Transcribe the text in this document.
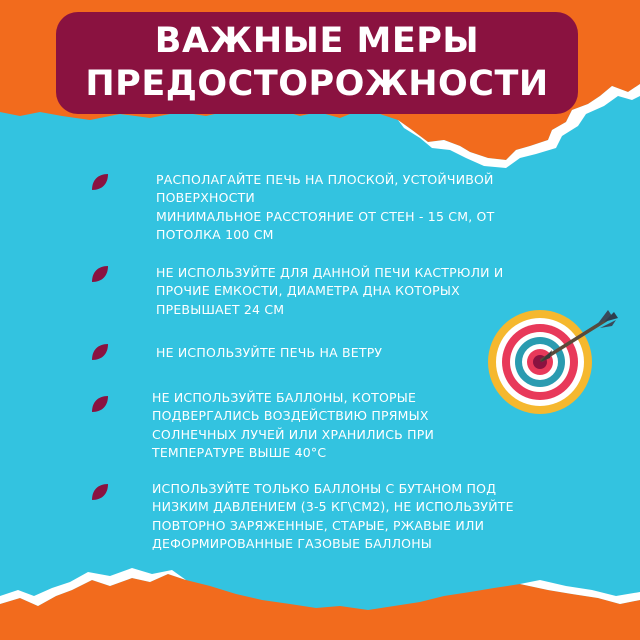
ВАЖНЫЕ МЕРЫ
ПРЕДОСТОРОЖНОСТИ
РАСПОЛАГАЙТЕ ПЕЧЬ НА ПЛОСКОЙ, УСТОЙЧИВОЙ
ПОВЕРХНОСТИ
МИНИМАЛЬНОЕ РАССТОЯНИЕ ОТ СТЕН - 15 СМ, ОТ
ПОТОЛКА 100 СМ
НЕ ИСПОЛЬЗУЙТЕ ДЛЯ ДАННОЙ ПЕЧИ КАСТРЮЛИ И
ПРОЧИЕ ЕМКОСТИ, ДИАМЕТРА ДНА КОТОРЫХ
ПРЕВЫШАЕТ 24 СМ
НЕ ИСПОЛЬЗУЙТЕ ПЕЧЬ НА ВЕТРУ
НЕ ИСПОЛЬЗУЙТЕ БАЛЛОНЫ, КОТОРЫЕ
ПОДВЕРГАЛИСЬ ВОЗДЕЙСТВИЮ ПРЯМЫХ
СОЛНЕЧНЫХ ЛУЧЕЙ ИЛИ ХРАНИЛИСЬ ПРИ
ТЕМПЕРАТУРЕ ВЫШЕ 40°С
ИСПОЛЬЗУЙТЕ ТОЛЬКО БАЛЛОНЫ С БУТАНОМ ПОД
НИЗКИМ ДАВЛЕНИЕМ (3-5 КГ\СМ2), НЕ ИСПОЛЬЗУЙТЕ
ПОВТОРНО ЗАРЯЖЕННЫЕ, СТАРЫЕ, РЖАВЫЕ ИЛИ
ДЕФОРМИРОВАННЫЕ ГАЗОВЫЕ БАЛЛОНЫ
